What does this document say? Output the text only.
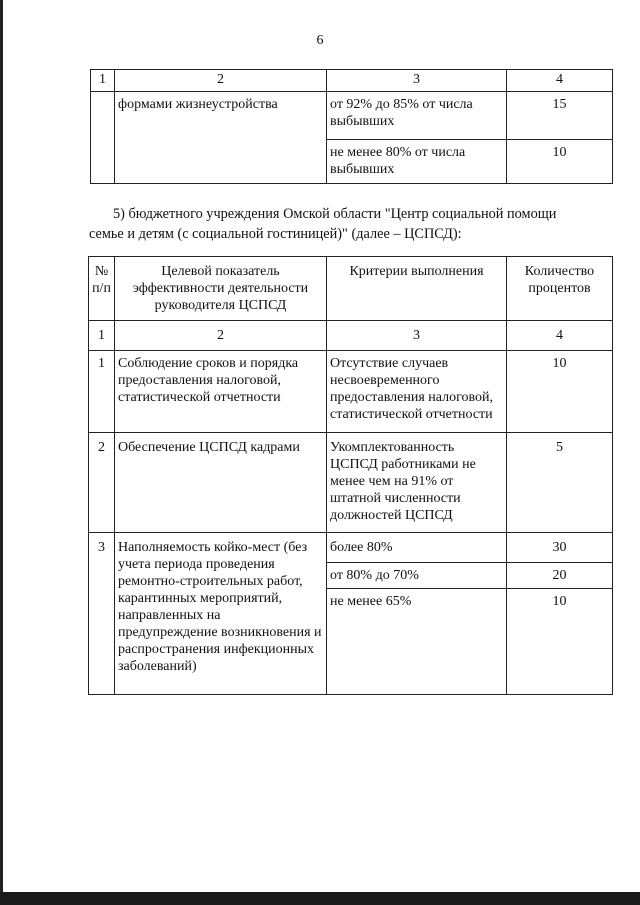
6
1	2	3	4
	формами жизнеустройства	от 92% до 85% от числа выбывших	15
		не менее 80% от числа выбывших	10
5) бюджетного учреждения Омской области "Центр социальной помощи
семье и детям (с социальной гостиницей)" (далее – ЦСПСД):
№ п/п	Целевой показатель эффективности деятельности руководителя ЦСПСД	Критерии выполнения	Количество процентов
1	2	3	4
1	Соблюдение сроков и порядка предоставления налоговой, статистической отчетности	Отсутствие случаев несвоевременного предоставления налоговой, статистической отчетности	10
2	Обеспечение ЦСПСД кадрами	Укомплектованность ЦСПСД работниками не менее чем на 91% от штатной численности должностей ЦСПСД	5
3	Наполняемость койко-мест (без учета периода проведения ремонтно-строительных работ, карантинных мероприятий, направленных на предупреждение возникновения и распространения инфекционных заболеваний)	более 80%	30
		от 80% до 70%	20
		не менее 65%	10
